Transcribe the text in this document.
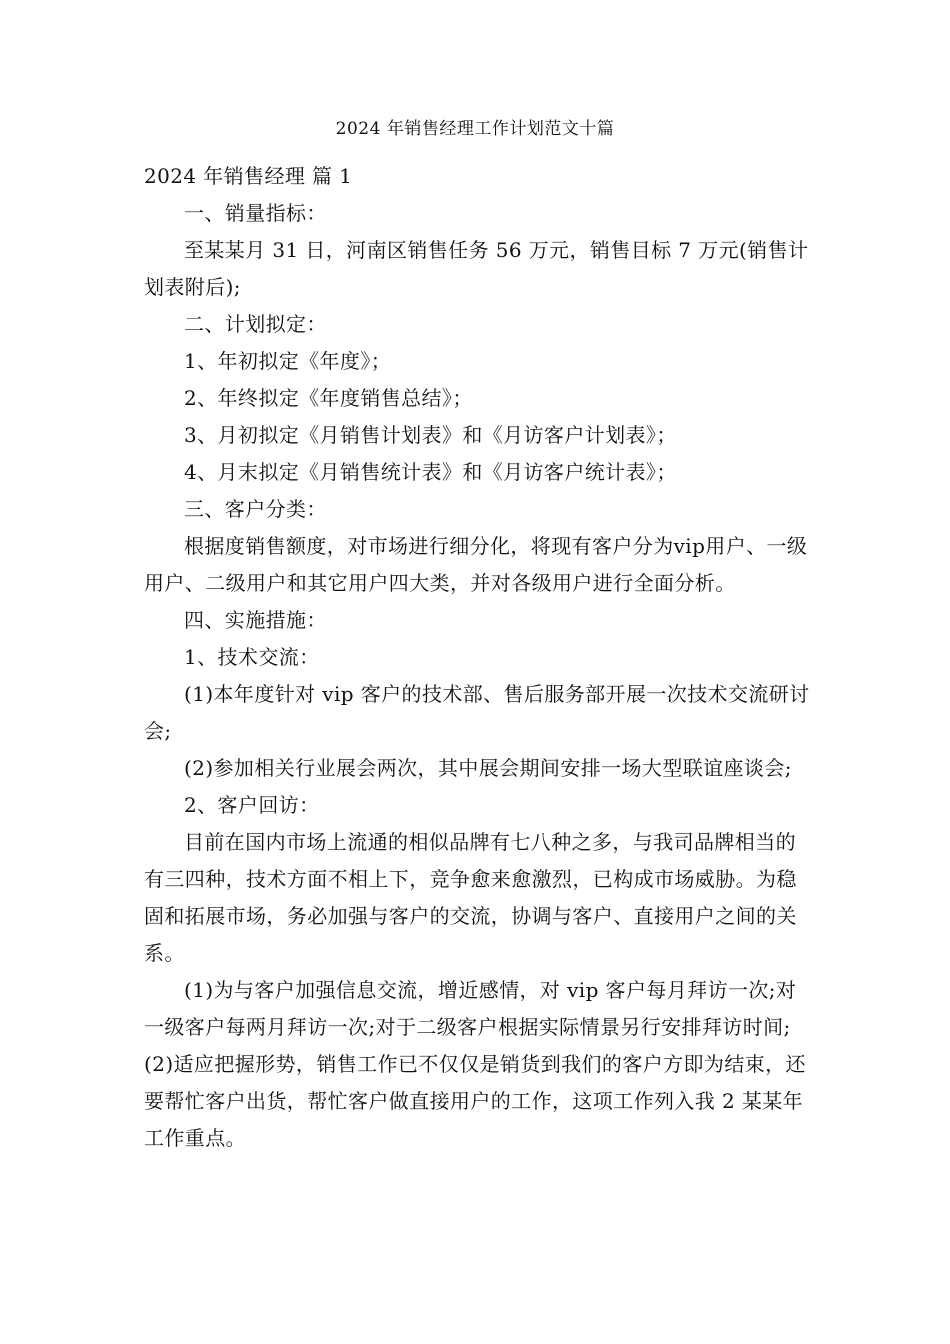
2024 年销售经理工作计划范文十篇

2024 年销售经理 篇 1

一、销量指标：

至某某月 31 日，河南区销售任务 56 万元，销售目标 7 万元(销售计划表附后);

二、计划拟定：

1、年初拟定《年度》；

2、年终拟定《年度销售总结》；

3、月初拟定《月销售计划表》和《月访客户计划表》；

4、月末拟定《月销售统计表》和《月访客户统计表》；

三、客户分类：

根据度销售额度，对市场进行细分化，将现有客户分为vip用户、一级用户、二级用户和其它用户四大类，并对各级用户进行全面分析。

四、实施措施：

1、技术交流：

(1)本年度针对 vip 客户的技术部、售后服务部开展一次技术交流研讨会;

(2)参加相关行业展会两次，其中展会期间安排一场大型联谊座谈会;

2、客户回访：

目前在国内市场上流通的相似品牌有七八种之多，与我司品牌相当的有三四种，技术方面不相上下，竞争愈来愈激烈，已构成市场威胁。为稳固和拓展市场，务必加强与客户的交流，协调与客户、直接用户之间的关系。

(1)为与客户加强信息交流，增近感情，对 vip 客户每月拜访一次;对一级客户每两月拜访一次;对于二级客户根据实际情景另行安排拜访时间;(2)适应把握形势，销售工作已不仅仅是销货到我们的客户方即为结束，还要帮忙客户出货，帮忙客户做直接用户的工作，这项工作列入我 2 某某年工作重点。
